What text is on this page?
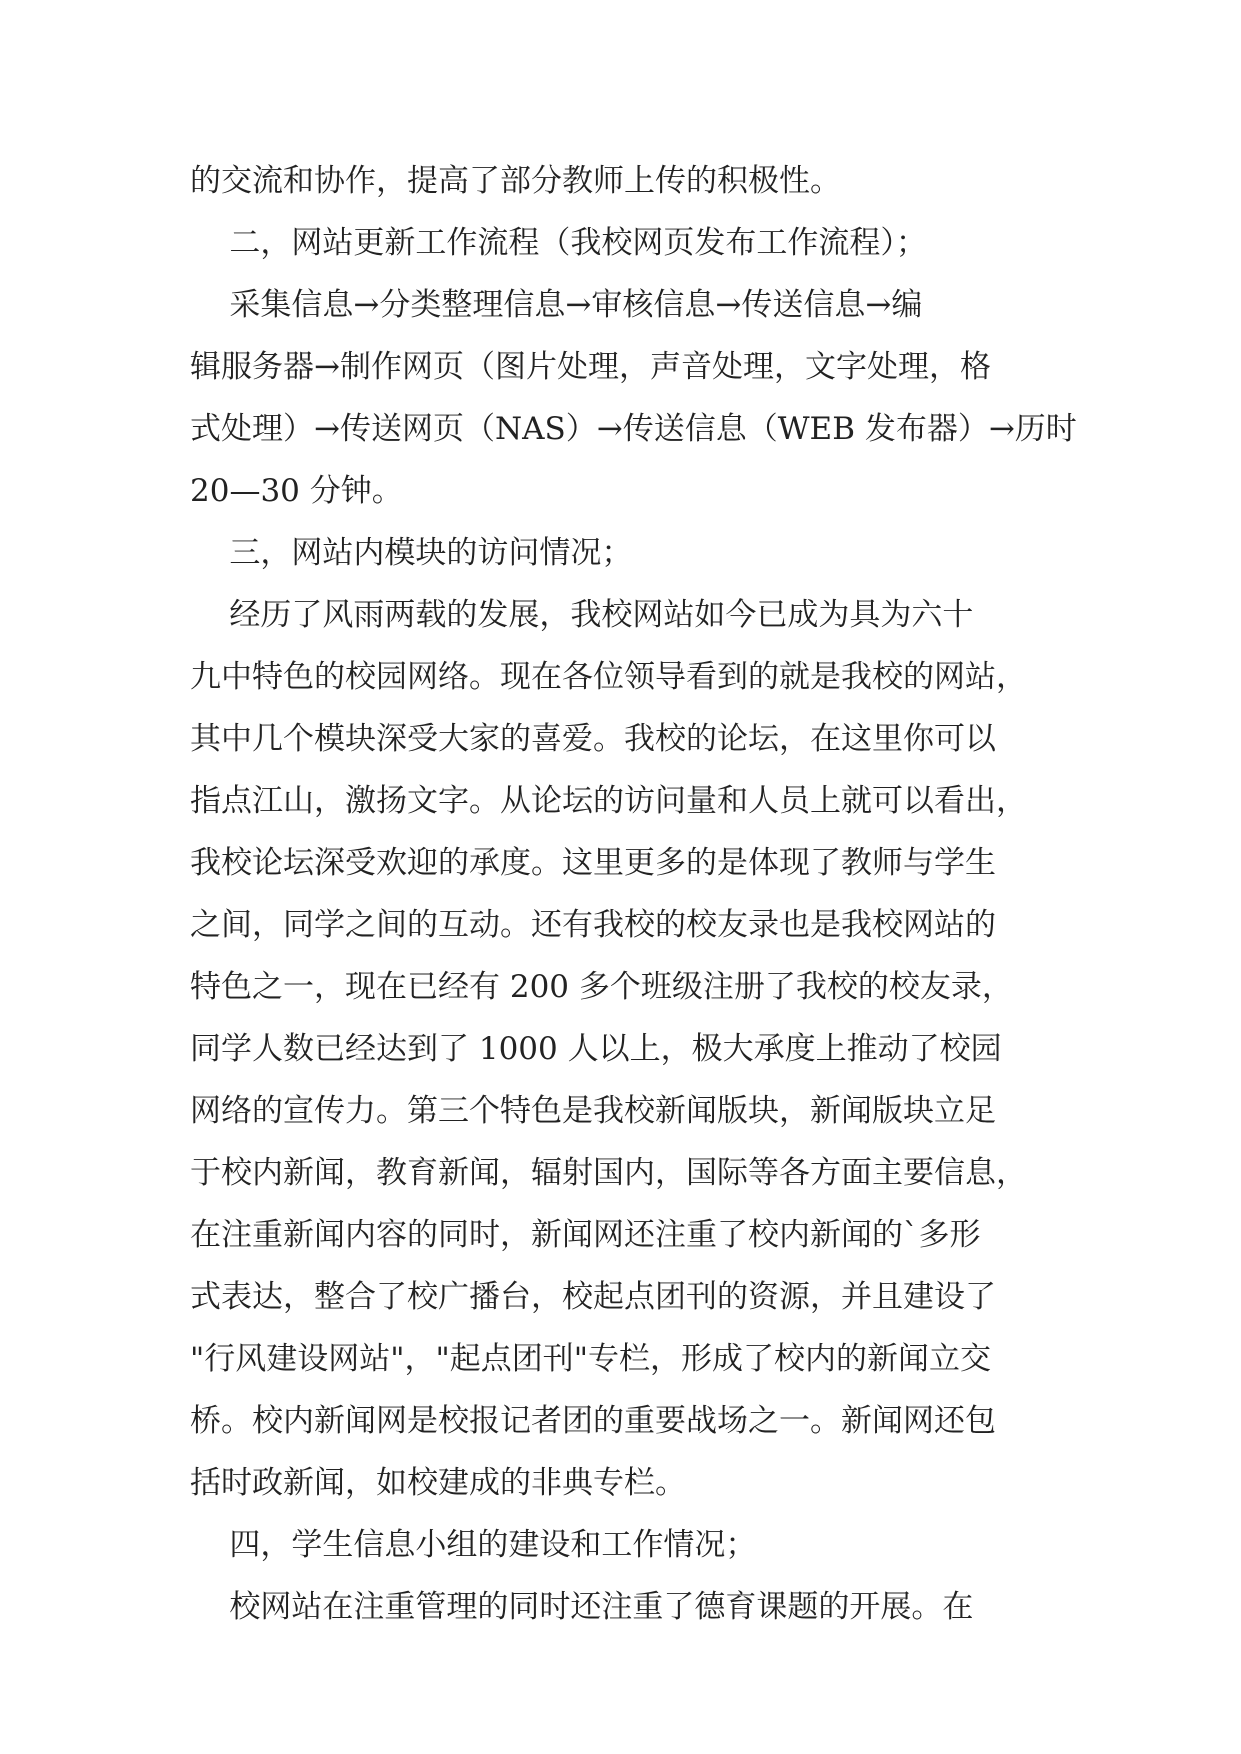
的交流和协作，提高了部分教师上传的积极性。
二，网站更新工作流程（我校网页发布工作流程）；
采集信息→分类整理信息→审核信息→传送信息→编
辑服务器→制作网页（图片处理，声音处理，文字处理，格
式处理）→传送网页（NAS）→传送信息（WEB 发布器）→历时
20—30 分钟。
三，网站内模块的访问情况；
经历了风雨两载的发展，我校网站如今已成为具为六十
九中特色的校园网络。现在各位领导看到的就是我校的网站，
其中几个模块深受大家的喜爱。我校的论坛，在这里你可以
指点江山，激扬文字。从论坛的访问量和人员上就可以看出，
我校论坛深受欢迎的承度。这里更多的是体现了教师与学生
之间，同学之间的互动。还有我校的校友录也是我校网站的
特色之一，现在已经有 200 多个班级注册了我校的校友录，
同学人数已经达到了 1000 人以上，极大承度上推动了校园
网络的宣传力。第三个特色是我校新闻版块，新闻版块立足
于校内新闻，教育新闻，辐射国内，国际等各方面主要信息，
在注重新闻内容的同时，新闻网还注重了校内新闻的`多形
式表达，整合了校广播台，校起点团刊的资源，并且建设了
"行风建设网站"，"起点团刊"专栏，形成了校内的新闻立交
桥。校内新闻网是校报记者团的重要战场之一。新闻网还包
括时政新闻，如校建成的非典专栏。
四，学生信息小组的建设和工作情况；
校网站在注重管理的同时还注重了德育课题的开展。在
